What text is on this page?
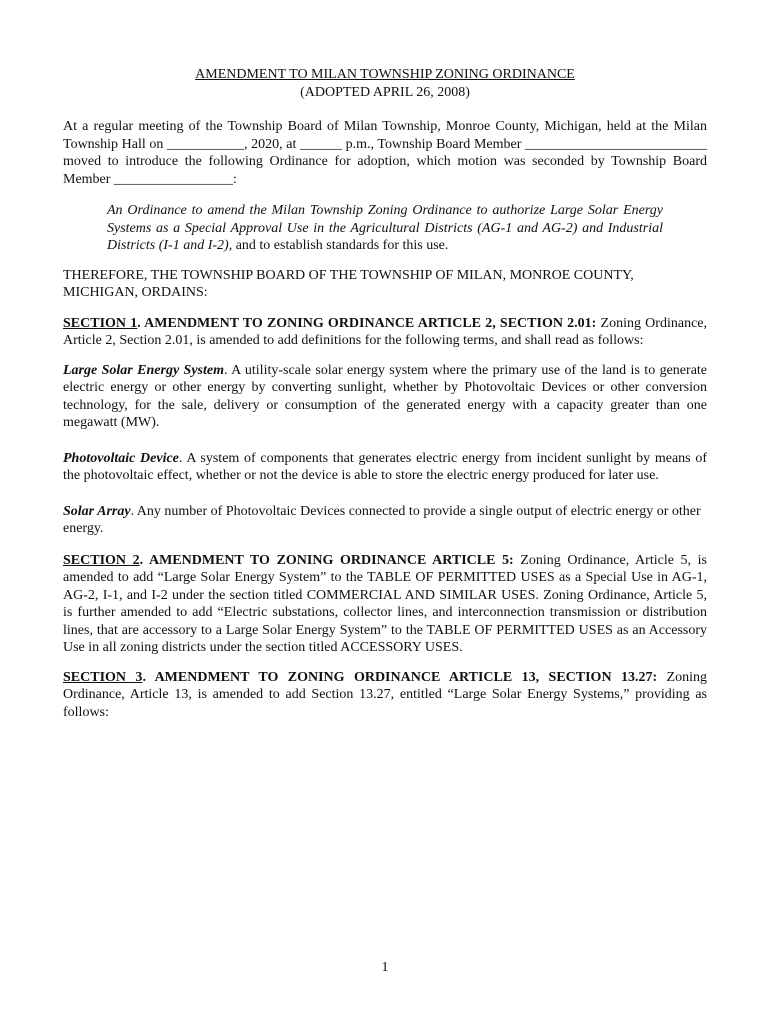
AMENDMENT TO MILAN TOWNSHIP ZONING ORDINANCE

(ADOPTED APRIL 26, 2008)

At a regular meeting of the Township Board of Milan Township, Monroe County, Michigan, held at the Milan Township Hall on ___________, 2020, at ______ p.m., Township Board Member __________________________ moved to introduce the following Ordinance for adoption, which motion was seconded by Township Board Member _________________:

An Ordinance to amend the Milan Township Zoning Ordinance to authorize Large Solar Energy Systems as a Special Approval Use in the Agricultural Districts (AG-1 and AG-2) and Industrial Districts (I-1 and I-2), and to establish standards for this use.

THEREFORE, THE TOWNSHIP BOARD OF THE TOWNSHIP OF MILAN, MONROE COUNTY, MICHIGAN, ORDAINS:

SECTION 1. AMENDMENT TO ZONING ORDINANCE ARTICLE 2, SECTION 2.01: Zoning Ordinance, Article 2, Section 2.01, is amended to add definitions for the following terms, and shall read as follows:

Large Solar Energy System. A utility-scale solar energy system where the primary use of the land is to generate electric energy or other energy by converting sunlight, whether by Photovoltaic Devices or other conversion technology, for the sale, delivery or consumption of the generated energy with a capacity greater than one megawatt (MW).

Photovoltaic Device. A system of components that generates electric energy from incident sunlight by means of the photovoltaic effect, whether or not the device is able to store the electric energy produced for later use.

Solar Array. Any number of Photovoltaic Devices connected to provide a single output of electric energy or other energy.

SECTION 2. AMENDMENT TO ZONING ORDINANCE ARTICLE 5: Zoning Ordinance, Article 5, is amended to add “Large Solar Energy System” to the TABLE OF PERMITTED USES as a Special Use in AG-1, AG-2, I-1, and I-2 under the section titled COMMERCIAL AND SIMILAR USES. Zoning Ordinance, Article 5, is further amended to add “Electric substations, collector lines, and interconnection transmission or distribution lines, that are accessory to a Large Solar Energy System” to the TABLE OF PERMITTED USES as an Accessory Use in all zoning districts under the section titled ACCESSORY USES.

SECTION 3. AMENDMENT TO ZONING ORDINANCE ARTICLE 13, SECTION 13.27: Zoning Ordinance, Article 13, is amended to add Section 13.27, entitled “Large Solar Energy Systems,” providing as follows:

1
